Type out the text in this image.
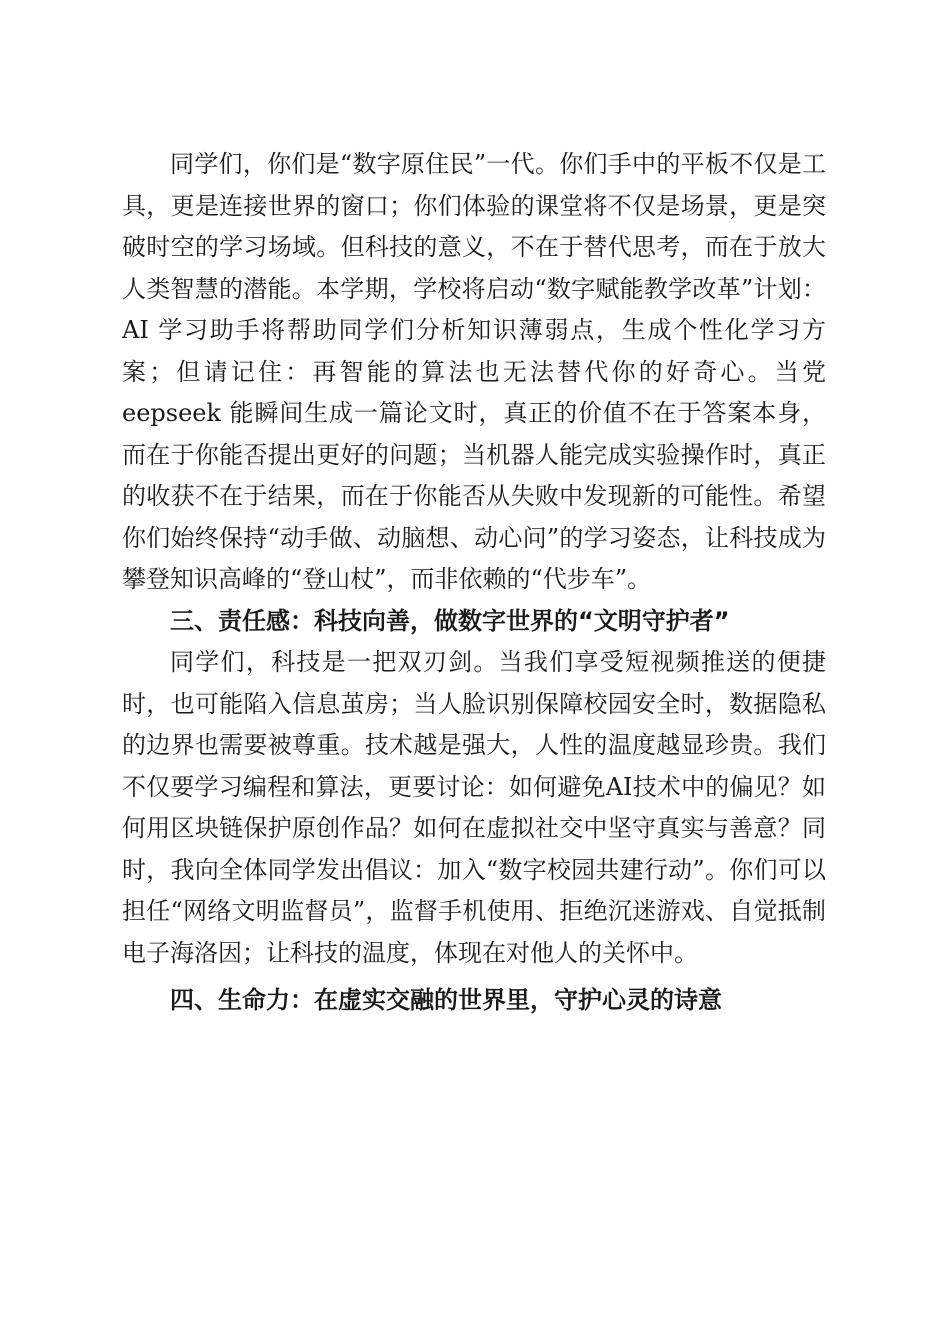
同学们，你们是“数字原住民”一代。你们手中的平板不仅是工具，更是连接世界的窗口；你们体验的课堂将不仅是场景，更是突破时空的学习场域。但科技的意义，不在于替代思考，而在于放大人类智慧的潜能。本学期，学校将启动“数字赋能教学改革”计划：AI 学习助手将帮助同学们分析知识薄弱点，生成个性化学习方案；但请记住：再智能的算法也无法替代你的好奇心。当党 eepseek 能瞬间生成一篇论文时，真正的价值不在于答案本身，而在于你能否提出更好的问题；当机器人能完成实验操作时，真正的收获不在于结果，而在于你能否从失败中发现新的可能性。希望你们始终保持“动手做、动脑想、动心问”的学习姿态，让科技成为攀登知识高峰的“登山杖”，而非依赖的“代步车”。

三、责任感：科技向善，做数字世界的“文明守护者”

同学们，科技是一把双刃剑。当我们享受短视频推送的便捷时，也可能陷入信息茧房；当人脸识别保障校园安全时，数据隐私的边界也需要被尊重。技术越是强大，人性的温度越显珍贵。我们不仅要学习编程和算法，更要讨论：如何避免AI技术中的偏见？如何用区块链保护原创作品？如何在虚拟社交中坚守真实与善意？同时，我向全体同学发出倡议：加入“数字校园共建行动”。你们可以担任“网络文明监督员”，监督手机使用、拒绝沉迷游戏、自觉抵制电子海洛因；让科技的温度，体现在对他人的关怀中。

四、生命力：在虚实交融的世界里，守护心灵的诗意
